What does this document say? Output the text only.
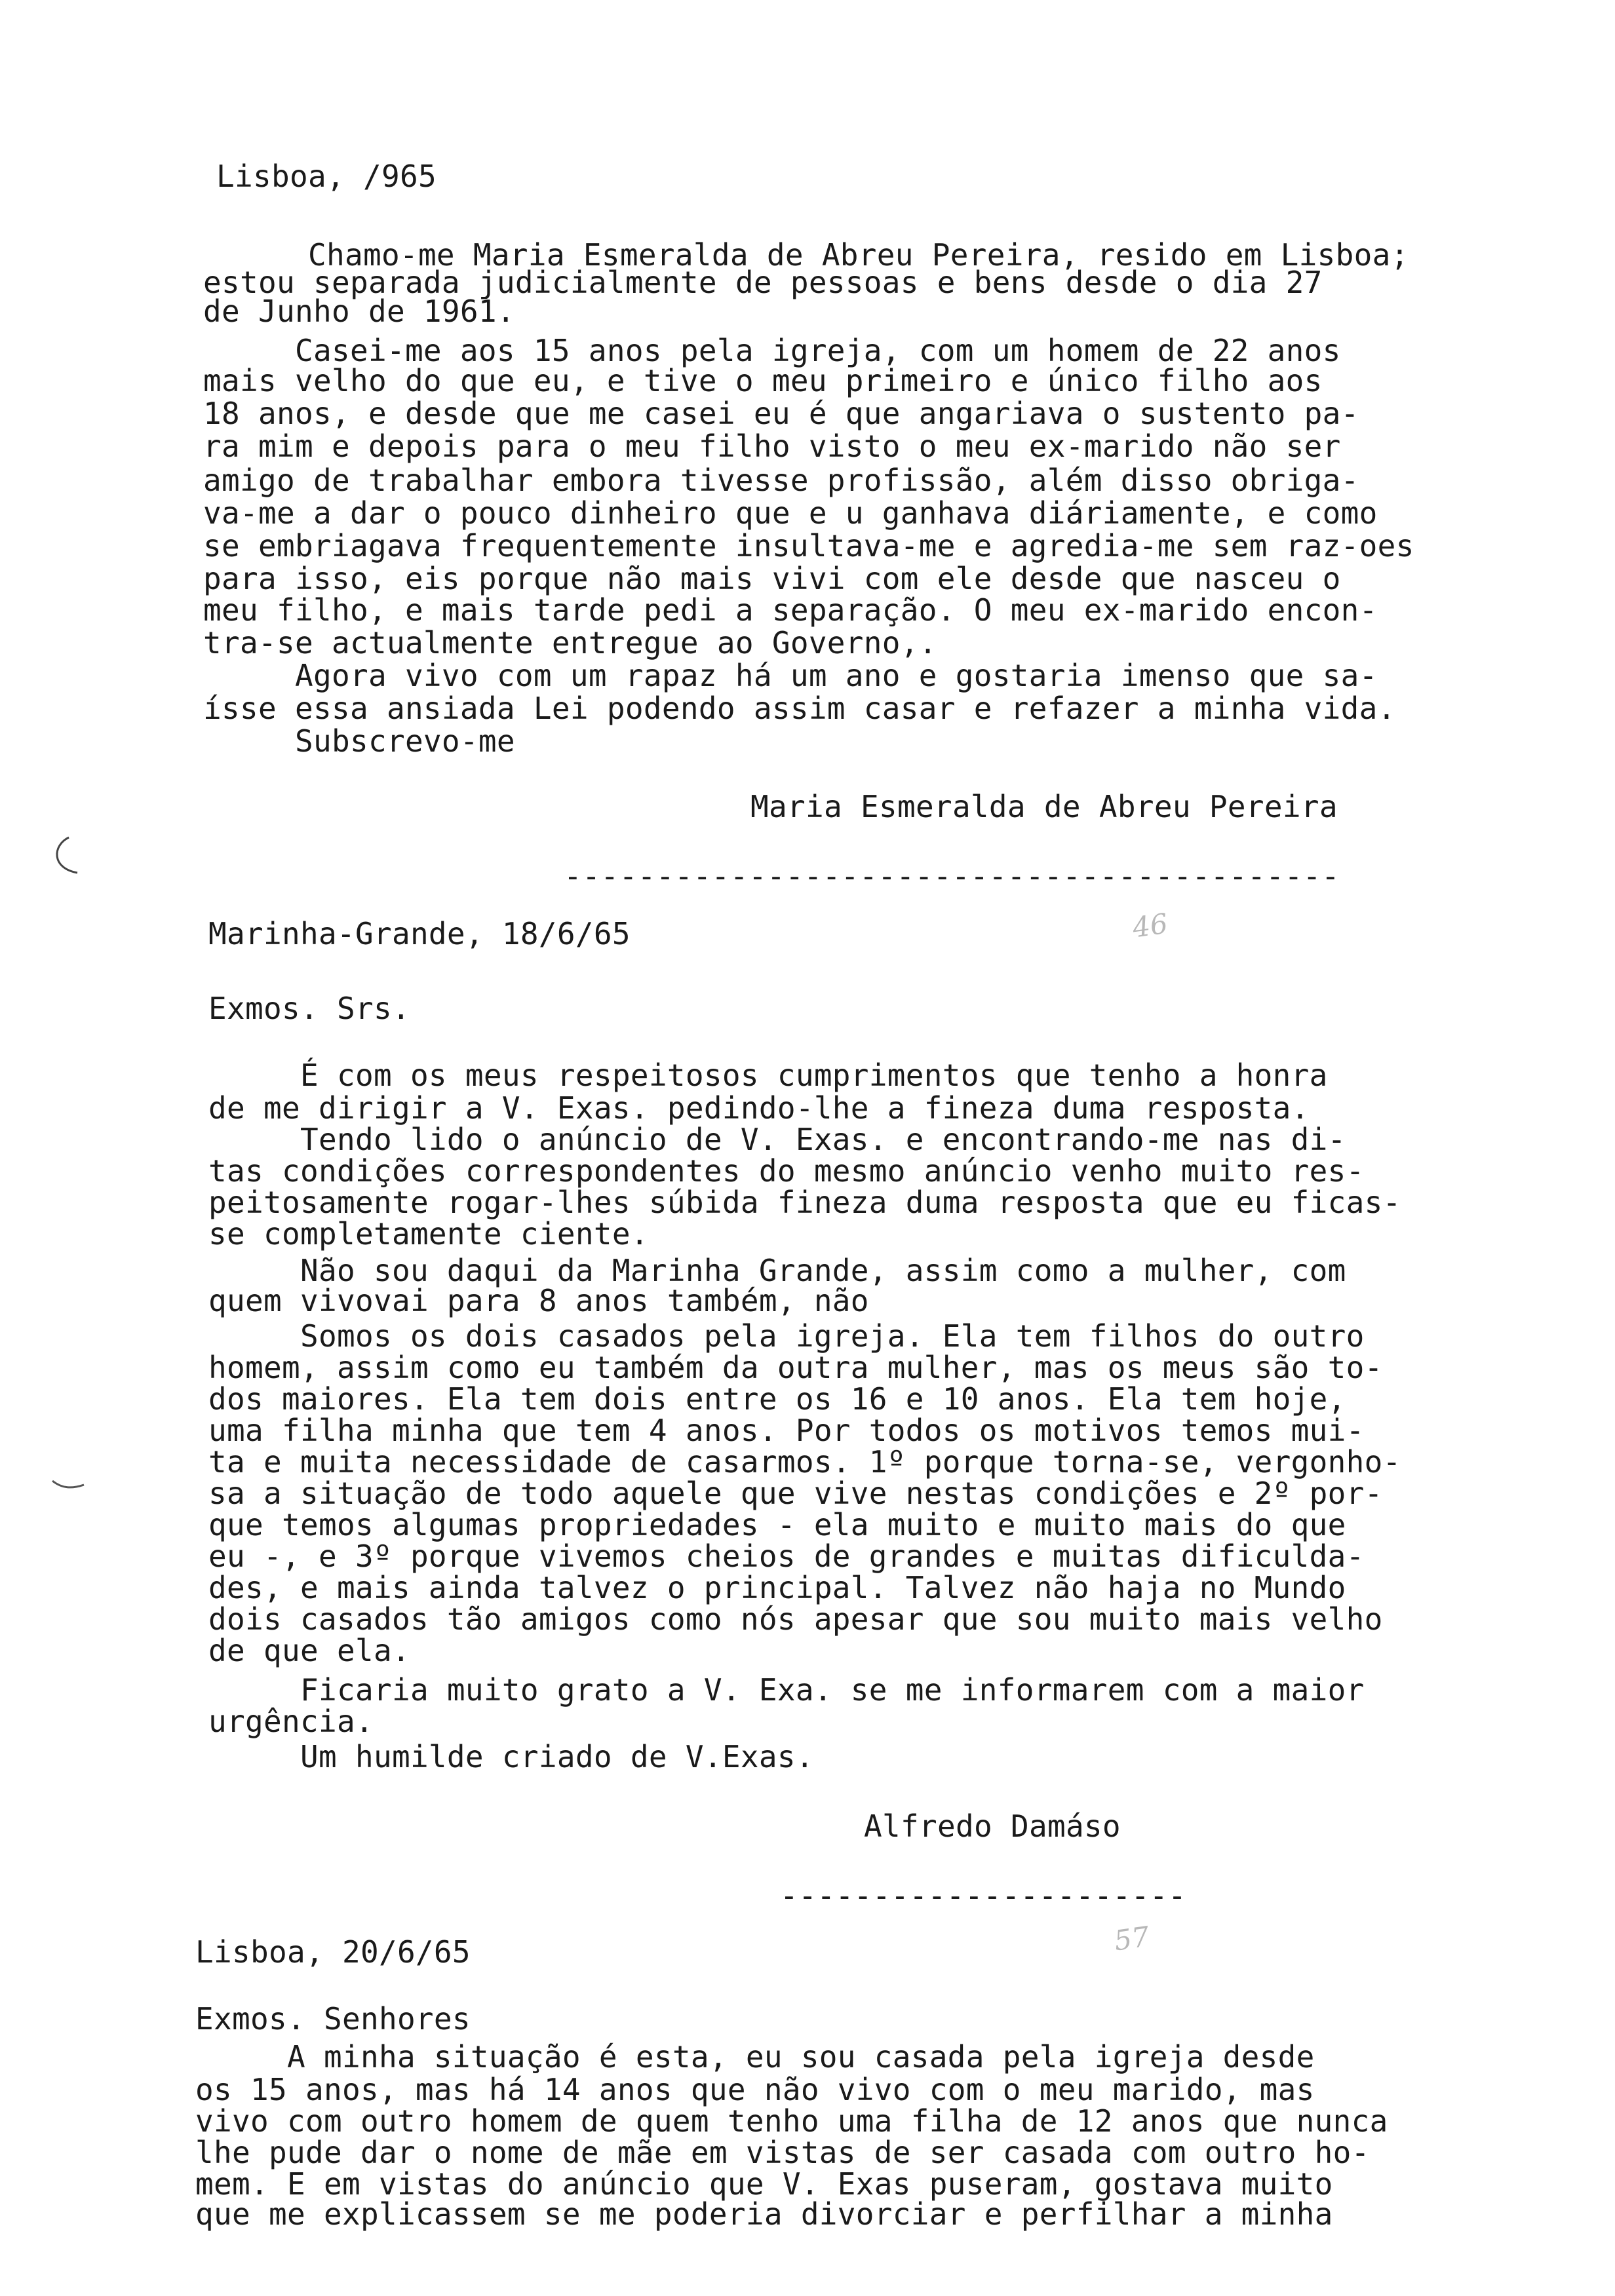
Lisboa, /965
Chamo-me Maria Esmeralda de Abreu Pereira, resido em Lisboa;
estou separada judicialmente de pessoas e bens desde o dia 27
de Junho de 1961.
Casei-me aos 15 anos pela igreja, com um homem de 22 anos
mais velho do que eu, e tive o meu primeiro e único filho aos
18 anos, e desde que me casei eu é que angariava o sustento pa-
ra mim e depois para o meu filho visto o meu ex-marido não ser
amigo de trabalhar embora tivesse profissão, além disso obriga-
va-me a dar o pouco dinheiro que e u ganhava diáriamente, e como
se embriagava frequentemente insultava-me e agredia-me sem raz-oes
para isso, eis porque não mais vivi com ele desde que nasceu o
meu filho, e mais tarde pedi a separação. O meu ex-marido encon-
tra-se actualmente entregue ao Governo,.
Agora vivo com um rapaz há um ano e gostaria imenso que sa-
ísse essa ansiada Lei podendo assim casar e refazer a minha vida.
Subscrevo-me
Maria Esmeralda de Abreu Pereira
------------------------------------------
Marinha-Grande, 18/6/65	46
Exmos. Srs.
É com os meus respeitosos cumprimentos que tenho a honra
de me dirigir a V. Exas. pedindo-lhe a fineza duma resposta.
Tendo lido o anúncio de V. Exas. e encontrando-me nas di-
tas condições correspondentes do mesmo anúncio venho muito res-
peitosamente rogar-lhes súbida fineza duma resposta que eu ficas-
se completamente ciente.
Não sou daqui da Marinha Grande, assim como a mulher, com
quem vivovai para 8 anos também, não
Somos os dois casados pela igreja. Ela tem filhos do outro
homem, assim como eu também da outra mulher, mas os meus são to-
dos maiores. Ela tem dois entre os 16 e 10 anos. Ela tem hoje,
uma filha minha que tem 4 anos. Por todos os motivos temos mui-
ta e muita necessidade de casarmos. 1º porque torna-se, vergonho-
sa a situação de todo aquele que vive nestas condições e 2º por-
que temos algumas propriedades - ela muito e muito mais do que
eu -, e 3º porque vivemos cheios de grandes e muitas dificulda-
des, e mais ainda talvez o principal. Talvez não haja no Mundo
dois casados tão amigos como nós apesar que sou muito mais velho
de que ela.
Ficaria muito grato a V. Exa. se me informarem com a maior
urgência.
Um humilde criado de V.Exas.
Alfredo Damáso
----------------------
Lisboa, 20/6/65	57
Exmos. Senhores
A minha situação é esta, eu sou casada pela igreja desde
os 15 anos, mas há 14 anos que não vivo com o meu marido, mas
vivo com outro homem de quem tenho uma filha de 12 anos que nunca
lhe pude dar o nome de mãe em vistas de ser casada com outro ho-
mem. E em vistas do anúncio que V. Exas puseram, gostava muito
que me explicassem se me poderia divorciar e perfilhar a minha
